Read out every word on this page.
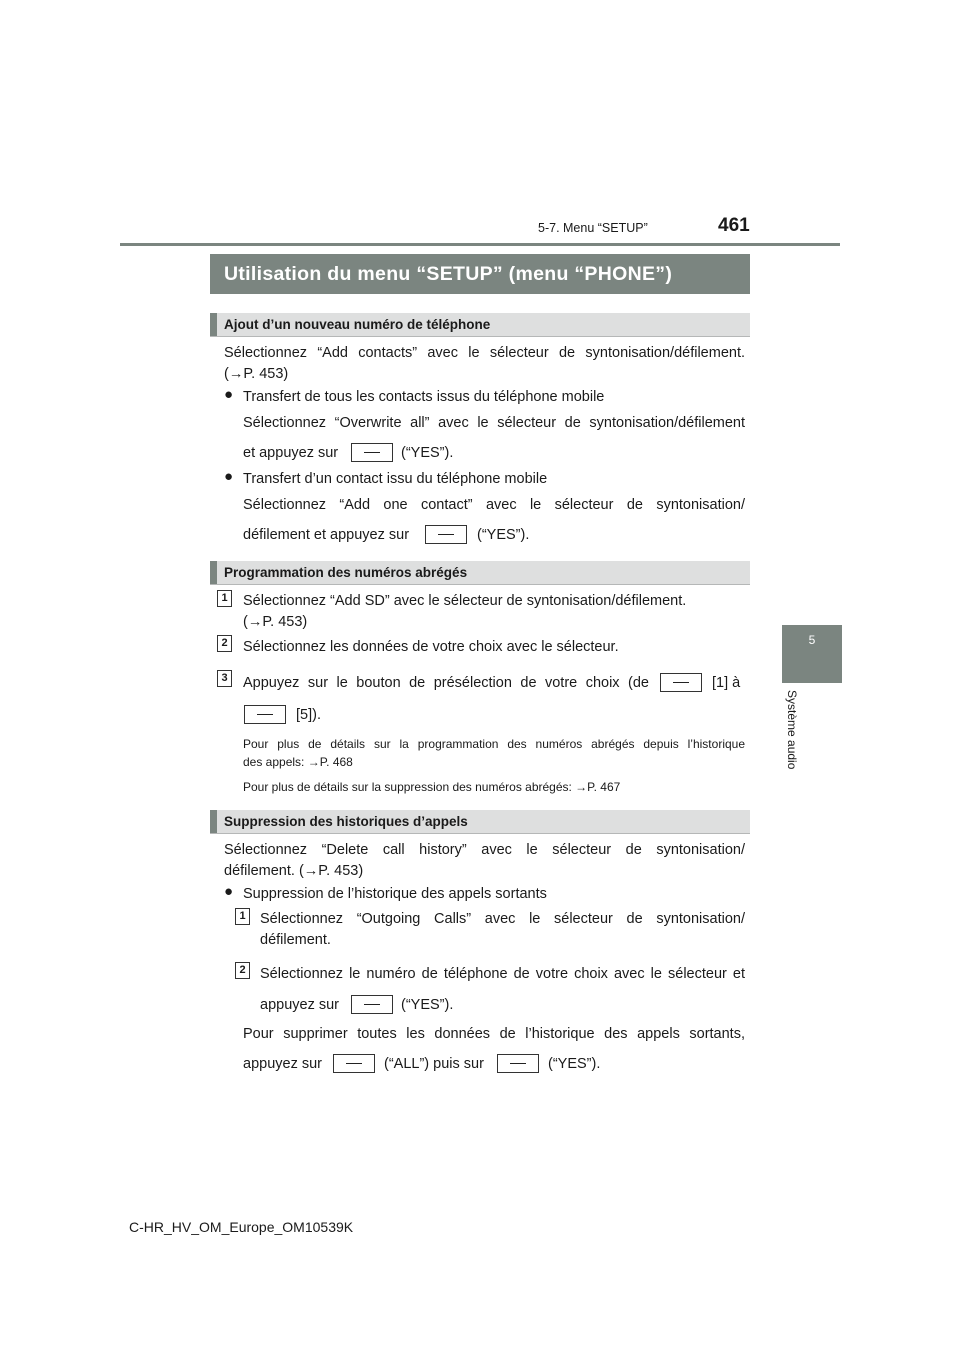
461
5-7. Menu “SETUP”
5
Système audio
Utilisation du menu “SETUP” (menu “PHONE”)
Ajout d’un nouveau numéro de téléphone
Sélectionnez “Add contacts” avec le sélecteur de syntonisation/défilement.
(→P. 453)
● Transfert de tous les contacts issus du téléphone mobile
Sélectionnez “Overwrite all” avec le sélecteur de syntonisation/défilement
et appuyez sur	(“YES”).
● Transfert d’un contact issu du téléphone mobile
Sélectionnez “Add one contact” avec le sélecteur de syntonisation/
défilement et appuyez sur	(“YES”).
Programmation des numéros abrégés
1	Sélectionnez “Add SD” avec le sélecteur de syntonisation/défilement.
(→P. 453)
2	Sélectionnez les données de votre choix avec le sélecteur.
3	Appuyez sur le bouton de présélection de votre choix (de	[1] à
[5]).
Pour plus de détails sur la programmation des numéros abrégés depuis l’historique
des appels: →P. 468
Pour plus de détails sur la suppression des numéros abrégés: →P. 467
Suppression des historiques d’appels
Sélectionnez “Delete call history” avec le sélecteur de syntonisation/
défilement. (→P. 453)
● Suppression de l’historique des appels sortants
1 Sélectionnez “Outgoing Calls” avec le sélecteur de syntonisation/
défilement.
2 Sélectionnez le numéro de téléphone de votre choix avec le sélecteur et
appuyez sur	(“YES”).
Pour supprimer toutes les données de l’historique des appels sortants,
appuyez sur	(“ALL”) puis sur	(“YES”).
C-HR_HV_OM_Europe_OM10539K
